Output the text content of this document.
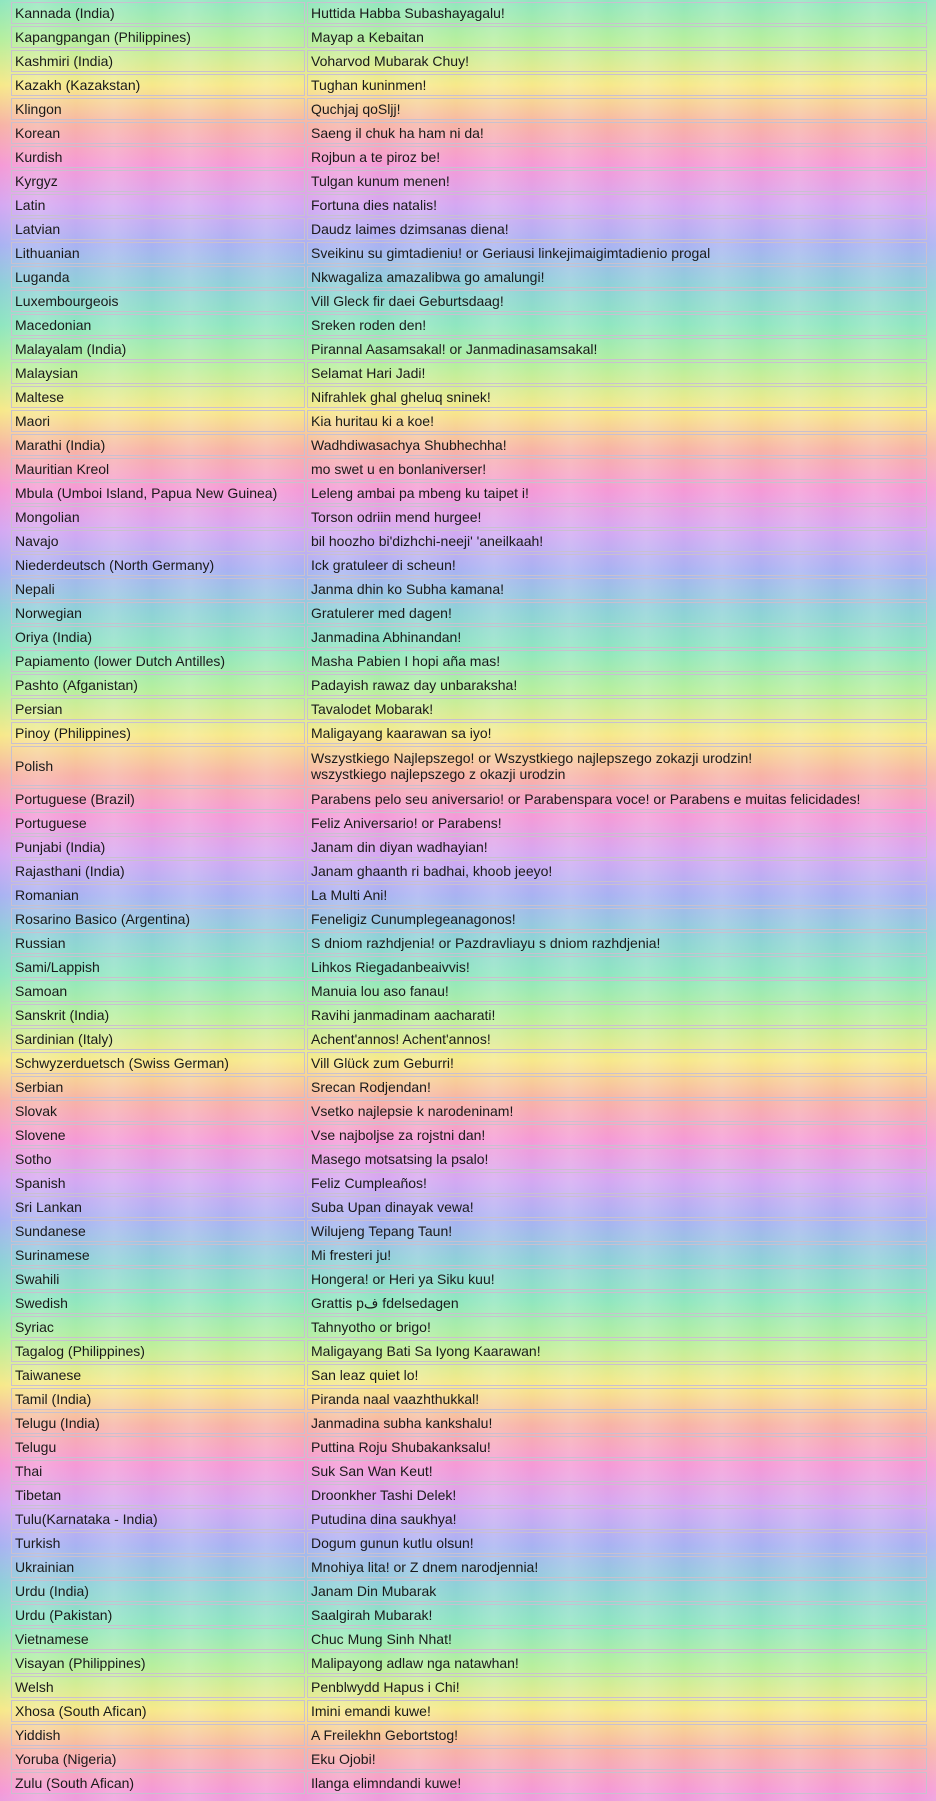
Kannada (India)	Huttida Habba Subashayagalu!
Kapangpangan (Philippines)	Mayap a Kebaitan
Kashmiri (India)	Voharvod Mubarak Chuy!
Kazakh (Kazakstan)	Tughan kuninmen!
Klingon	Quchjaj qoSljj!
Korean	Saeng il chuk ha ham ni da!
Kurdish	Rojbun a te piroz be!
Kyrgyz	Tulgan kunum menen!
Latin	Fortuna dies natalis!
Latvian	Daudz laimes dzimsanas diena!
Lithuanian	Sveikinu su gimtadieniu! or Geriausi linkejimaigimtadienio progal
Luganda	Nkwagaliza amazalibwa go amalungi!
Luxembourgeois	Vill Gleck fir daei Geburtsdaag!
Macedonian	Sreken roden den!
Malayalam (India)	Pirannal Aasamsakal! or Janmadinasamsakal!
Malaysian	Selamat Hari Jadi!
Maltese	Nifrahlek ghal gheluq sninek!
Maori	Kia huritau ki a koe!
Marathi (India)	Wadhdiwasachya Shubhechha!
Mauritian Kreol	mo swet u en bonlaniverser!
Mbula (Umboi Island, Papua New Guinea)	Leleng ambai pa mbeng ku taipet i!
Mongolian	Torson odriin mend hurgee!
Navajo	bil hoozho bi'dizhchi-neeji' 'aneilkaah!
Niederdeutsch (North Germany)	Ick gratuleer di scheun!
Nepali	Janma dhin ko Subha kamana!
Norwegian	Gratulerer med dagen!
Oriya (India)	Janmadina Abhinandan!
Papiamento (lower Dutch Antilles)	Masha Pabien I hopi aña mas!
Pashto (Afganistan)	Padayish rawaz day unbaraksha!
Persian	Tavalodet Mobarak!
Pinoy (Philippines)	Maligayang kaarawan sa iyo!
Polish	Wszystkiego Najlepszego! or Wszystkiego najlepszego zokazji urodzin!
wszystkiego najlepszego z okazji urodzin
Portuguese (Brazil)	Parabens pelo seu aniversario! or Parabenspara voce! or Parabens e muitas felicidades!
Portuguese	Feliz Aniversario! or Parabens!
Punjabi (India)	Janam din diyan wadhayian!
Rajasthani (India)	Janam ghaanth ri badhai, khoob jeeyo!
Romanian	La Multi Ani!
Rosarino Basico (Argentina)	Feneligiz Cunumplegeanagonos!
Russian	S dniom razhdjenia! or Pazdravliayu s dniom razhdjenia!
Sami/Lappish	Lihkos Riegadanbeaivvis!
Samoan	Manuia lou aso fanau!
Sanskrit (India)	Ravihi janmadinam aacharati!
Sardinian (Italy)	Achent'annos! Achent'annos!
Schwyzerduetsch (Swiss German)	Vill Glück zum Geburri!
Serbian	Srecan Rodjendan!
Slovak	Vsetko najlepsie k narodeninam!
Slovene	Vse najboljse za rojstni dan!
Sotho	Masego motsatsing la psalo!
Spanish	Feliz Cumpleaños!
Sri Lankan	Suba Upan dinayak vewa!
Sundanese	Wilujeng Tepang Taun!
Surinamese	Mi fresteri ju!
Swahili	Hongera! or Heri ya Siku kuu!
Swedish	Grattis pف fdelsedagen
Syriac	Tahnyotho or brigo!
Tagalog (Philippines)	Maligayang Bati Sa Iyong Kaarawan!
Taiwanese	San leaz quiet lo!
Tamil (India)	Piranda naal vaazhthukkal!
Telugu (India)	Janmadina subha kankshalu!
Telugu	Puttina Roju Shubakanksalu!
Thai	Suk San Wan Keut!
Tibetan	Droonkher Tashi Delek!
Tulu(Karnataka - India)	Putudina dina saukhya!
Turkish	Dogum gunun kutlu olsun!
Ukrainian	Mnohiya lita! or Z dnem narodjennia!
Urdu (India)	Janam Din Mubarak
Urdu (Pakistan)	Saalgirah Mubarak!
Vietnamese	Chuc Mung Sinh Nhat!
Visayan (Philippines)	Malipayong adlaw nga natawhan!
Welsh	Penblwydd Hapus i Chi!
Xhosa (South Afican)	Imini emandi kuwe!
Yiddish	A Freilekhn Gebortstog!
Yoruba (Nigeria)	Eku Ojobi!
Zulu (South Afican)	Ilanga elimndandi kuwe!
